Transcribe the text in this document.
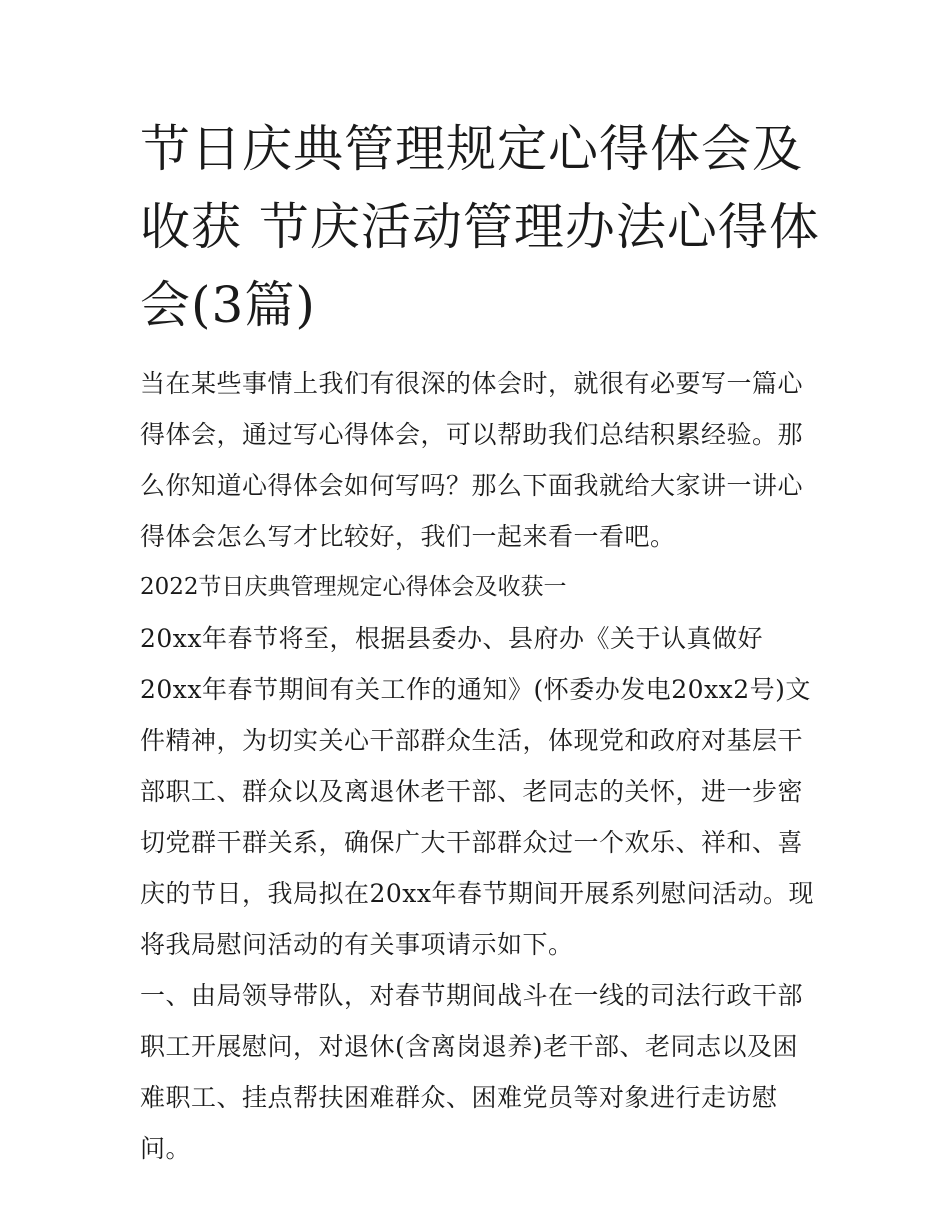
节日庆典管理规定心得体会及收获 节庆活动管理办法心得体会(3篇)

当在某些事情上我们有很深的体会时，就很有必要写一篇心得体会，通过写心得体会，可以帮助我们总结积累经验。那么你知道心得体会如何写吗？那么下面我就给大家讲一讲心得体会怎么写才比较好，我们一起来看一看吧。

2022节日庆典管理规定心得体会及收获一

20xx年春节将至，根据县委办、县府办《关于认真做好20xx年春节期间有关工作的通知》(怀委办发电20xx2号)文件精神，为切实关心干部群众生活，体现党和政府对基层干部职工、群众以及离退休老干部、老同志的关怀，进一步密切党群干群关系，确保广大干部群众过一个欢乐、祥和、喜庆的节日，我局拟在20xx年春节期间开展系列慰问活动。现将我局慰问活动的有关事项请示如下。

一、由局领导带队，对春节期间战斗在一线的司法行政干部职工开展慰问，对退休(含离岗退养)老干部、老同志以及困难职工、挂点帮扶困难群众、困难党员等对象进行走访慰问。
